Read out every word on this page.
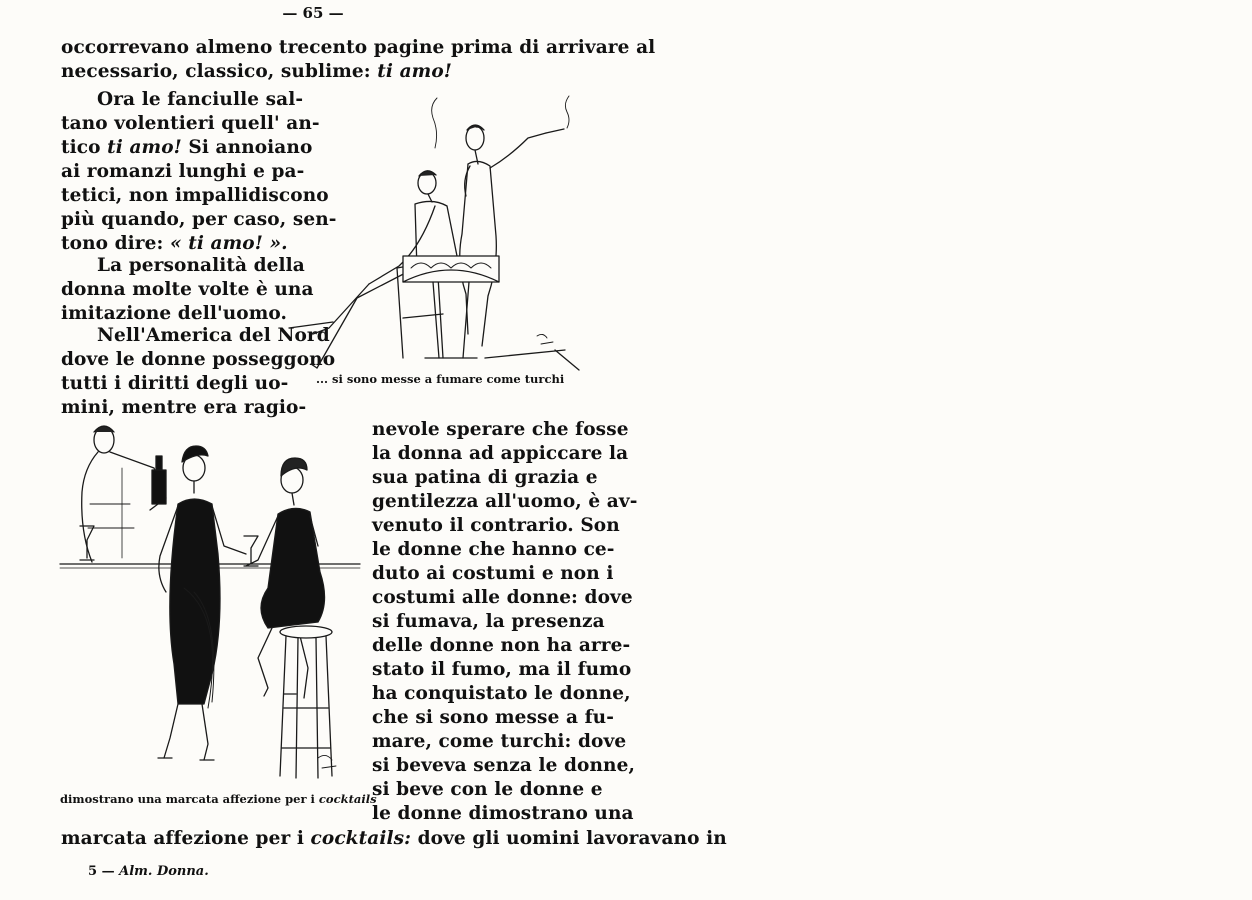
— 65 —
occorrevano almeno trecento pagine prima di arrivare al
necessario, classico, sublime: ti amo!
Ora le fanciulle sal-
tano volentieri quell' an-
tico ti amo! Si annoiano
ai romanzi lunghi e pa-
tetici, non impallidiscono
più quando, per caso, sen-
tono dire: « ti amo! ».
La personalità della
donna molte volte è una
imitazione dell'uomo.
Nell'America del Nord
dove le donne posseggono
tutti i diritti degli uo-
mini, mentre era ragio-
nevole sperare che fosse
la donna ad appiccare la
sua patina di grazia e
gentilezza all'uomo, è av-
venuto il contrario. Son
le donne che hanno ce-
duto ai costumi e non i
costumi alle donne: dove
si fumava, la presenza
delle donne non ha arre-
stato il fumo, ma il fumo
ha conquistato le donne,
che si sono messe a fu-
mare, come turchi: dove
si beveva senza le donne,
si beve con le donne e
le donne dimostrano una
marcata affezione per i cocktails: dove gli uomini lavoravano in
... si sono messe a fumare come turchi
dimostrano una marcata affezione per i cocktails
5 — Alm. Donna.
